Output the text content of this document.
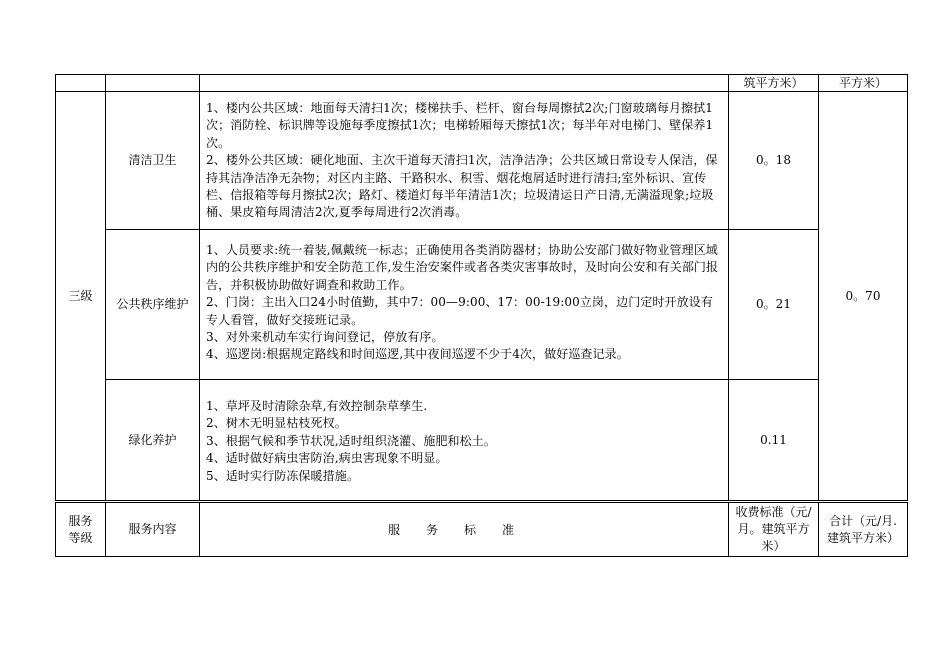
筑平方米）	平方米）
三级
清洁卫生

1、楼内公共区域：地面每天清扫1次；楼梯扶手、栏杆、窗台每周擦拭2次;门窗玻璃每月擦拭1次；消防栓、标识牌等设施每季度擦拭1次；电梯轿厢每天擦拭1次；每半年对电梯门、壁保养1次。

2、楼外公共区域：硬化地面、主次干道每天清扫1次，洁净洁净；公共区域日常设专人保洁，保持其洁净洁净无杂物；对区内主路、干路积水、积雪、烟花炮屑适时进行清扫;室外标识、宣传栏、信报箱等每月擦拭2次；路灯、楼道灯每半年清洁1次；垃圾清运日产日清,无满溢现象;垃圾桶、果皮箱每周清洁2次,夏季每周进行2次消毒。

0。18
公共秩序维护

1、人员要求:统一着装,佩戴统一标志；正确使用各类消防器材；协助公安部门做好物业管理区域内的公共秩序维护和安全防范工作,发生治安案件或者各类灾害事故时，及时向公安和有关部门报告，并积极协助做好调查和救助工作。

2、门岗：主出入口24小时值勤，其中7：00—9:00、17：00-19:00立岗，边门定时开放设有专人看管，做好交接班记录。

3、对外来机动车实行询问登记，停放有序。

4、巡逻岗:根据规定路线和时间巡逻,其中夜间巡逻不少于4次，做好巡查记录。

0。21
绿化养护

1、草坪及时清除杂草,有效控制杂草孳生.

2、树木无明显枯枝死杈。

3、根据气候和季节状况,适时组织浇灌、施肥和松土。

4、适时做好病虫害防治,病虫害现象不明显。

5、适时实行防冻保暖措施。

0.11
0。70
服务等级
服务内容	服务标准
收费标准（元/月。建筑平方米）
合计（元/月.建筑平方米）
